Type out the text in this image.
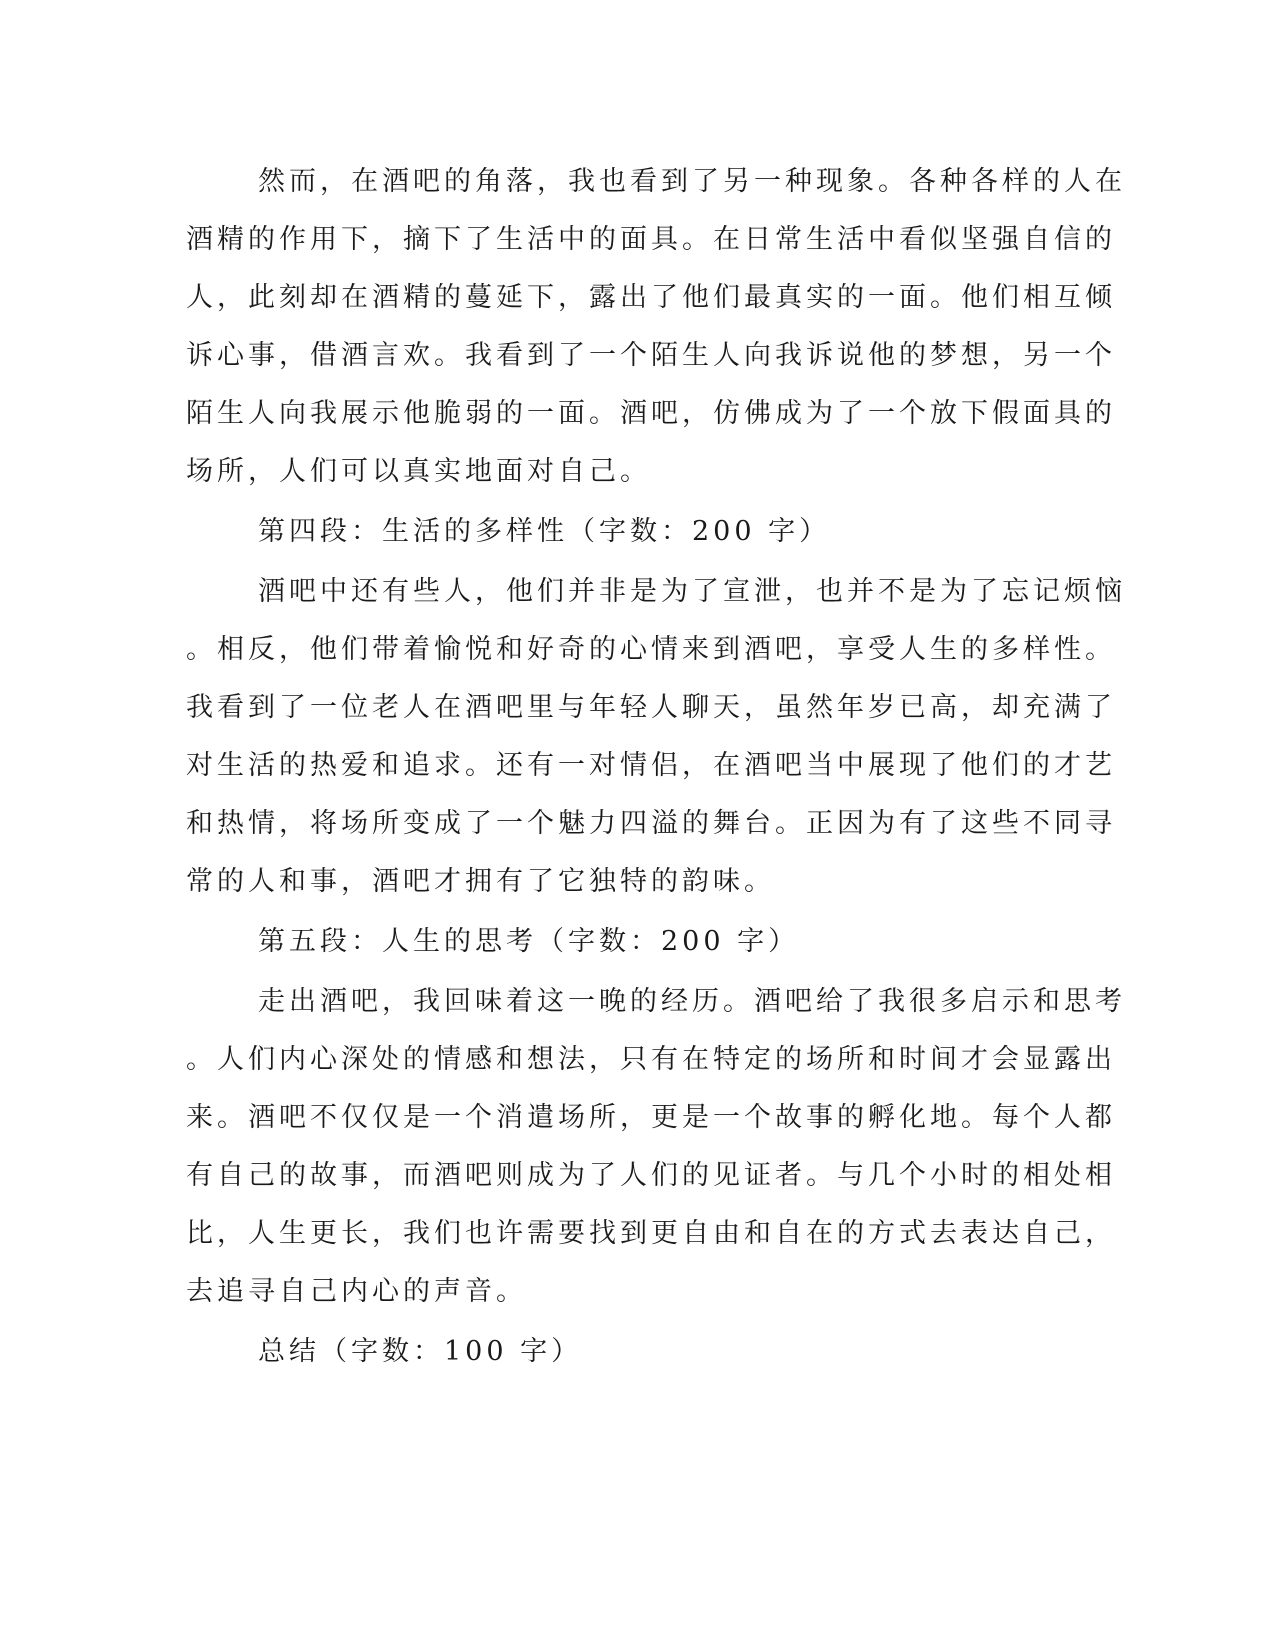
然而，在酒吧的角落，我也看到了另一种现象。各种各样的人在
酒精的作用下，摘下了生活中的面具。在日常生活中看似坚强自信的
人，此刻却在酒精的蔓延下，露出了他们最真实的一面。他们相互倾
诉心事，借酒言欢。我看到了一个陌生人向我诉说他的梦想，另一个
陌生人向我展示他脆弱的一面。酒吧，仿佛成为了一个放下假面具的
场所，人们可以真实地面对自己。
第四段：生活的多样性（字数：200 字）
酒吧中还有些人，他们并非是为了宣泄，也并不是为了忘记烦恼
。相反，他们带着愉悦和好奇的心情来到酒吧，享受人生的多样性。
我看到了一位老人在酒吧里与年轻人聊天，虽然年岁已高，却充满了
对生活的热爱和追求。还有一对情侣，在酒吧当中展现了他们的才艺
和热情，将场所变成了一个魅力四溢的舞台。正因为有了这些不同寻
常的人和事，酒吧才拥有了它独特的韵味。
第五段：人生的思考（字数：200 字）
走出酒吧，我回味着这一晚的经历。酒吧给了我很多启示和思考
。人们内心深处的情感和想法，只有在特定的场所和时间才会显露出
来。酒吧不仅仅是一个消遣场所，更是一个故事的孵化地。每个人都
有自己的故事，而酒吧则成为了人们的见证者。与几个小时的相处相
比，人生更长，我们也许需要找到更自由和自在的方式去表达自己，
去追寻自己内心的声音。
总结（字数：100 字）
